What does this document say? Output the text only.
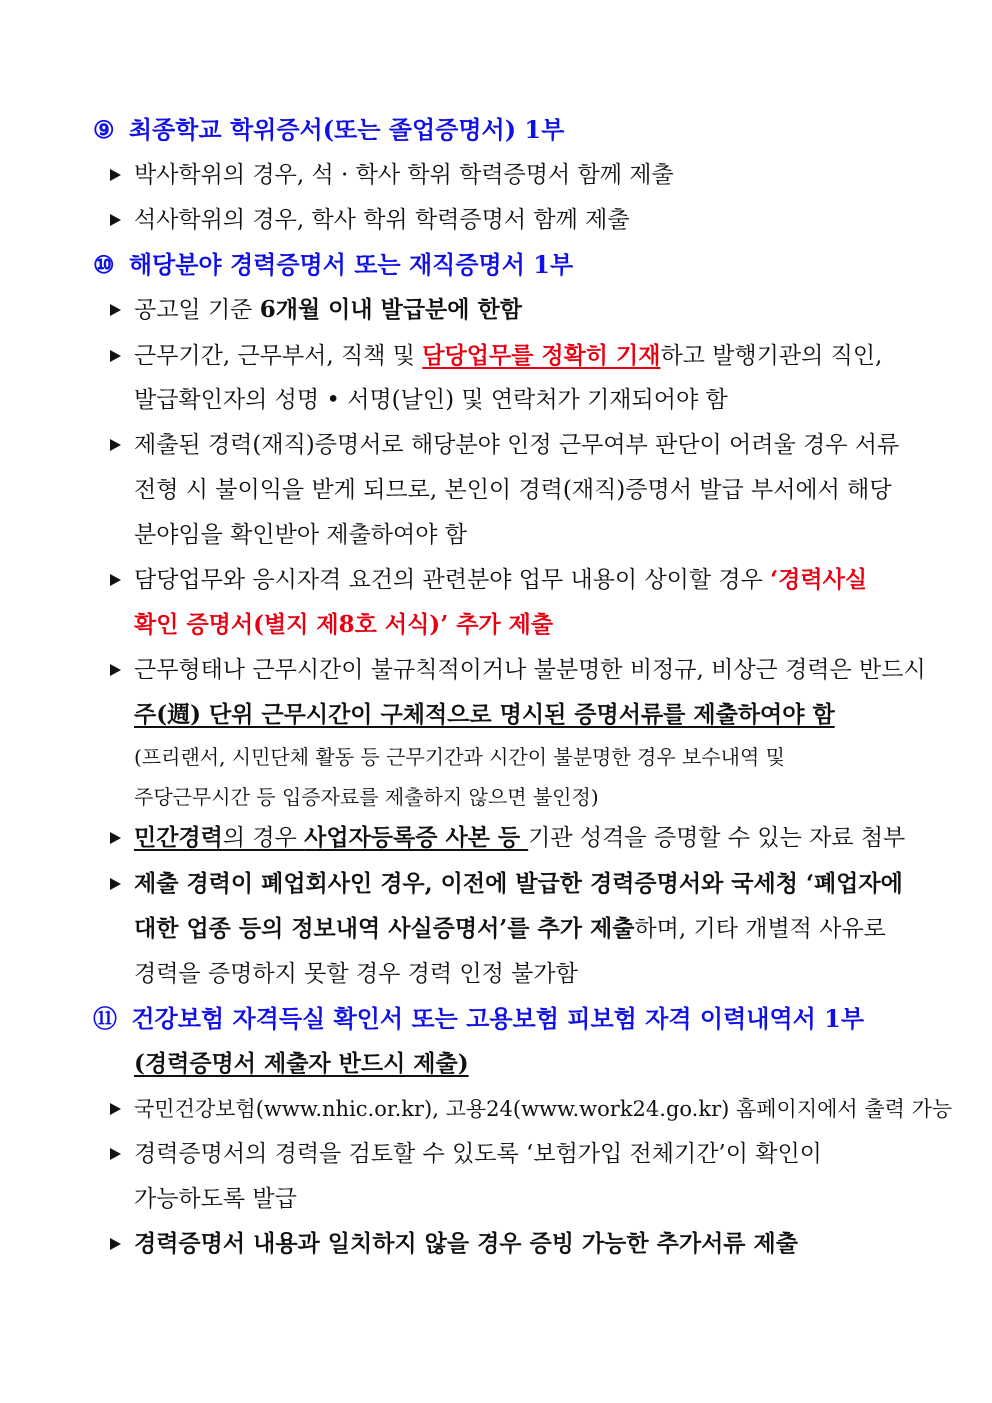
⑨ 최종학교 학위증서(또는 졸업증명서) 1부
박사학위의 경우, 석 · 학사 학위 학력증명서 함께 제출
석사학위의 경우, 학사 학위 학력증명서 함께 제출
⑩ 해당분야 경력증명서 또는 재직증명서 1부
공고일 기준 6개월 이내 발급분에 한함
근무기간, 근무부서, 직책 및 담당업무를 정확히 기재하고 발행기관의 직인,
발급확인자의 성명 • 서명(날인) 및 연락처가 기재되어야 함
제출된 경력(재직)증명서로 해당분야 인정 근무여부 판단이 어려울 경우 서류
전형 시 불이익을 받게 되므로, 본인이 경력(재직)증명서 발급 부서에서 해당
분야임을 확인받아 제출하여야 함
담당업무와 응시자격 요건의 관련분야 업무 내용이 상이할 경우 ‘경력사실
확인 증명서(별지 제8호 서식)’ 추가 제출
근무형태나 근무시간이 불규칙적이거나 불분명한 비정규, 비상근 경력은 반드시
주(週) 단위 근무시간이 구체적으로 명시된 증명서류를 제출하여야 함
(프리랜서, 시민단체 활동 등 근무기간과 시간이 불분명한 경우 보수내역 및
주당근무시간 등 입증자료를 제출하지 않으면 불인정)
민간경력의 경우 사업자등록증 사본 등 기관 성격을 증명할 수 있는 자료 첨부
제출 경력이 폐업회사인 경우, 이전에 발급한 경력증명서와 국세청 ‘폐업자에
대한 업종 등의 정보내역 사실증명서’를 추가 제출하며, 기타 개별적 사유로
경력을 증명하지 못할 경우 경력 인정 불가함
⑪ 건강보험 자격득실 확인서 또는 고용보험 피보험 자격 이력내역서 1부
(경력증명서 제출자 반드시 제출)
국민건강보험(www.nhic.or.kr), 고용24(www.work24.go.kr) 홈페이지에서 출력 가능
경력증명서의 경력을 검토할 수 있도록 ‘보험가입 전체기간’이 확인이
가능하도록 발급
경력증명서 내용과 일치하지 않을 경우 증빙 가능한 추가서류 제출
